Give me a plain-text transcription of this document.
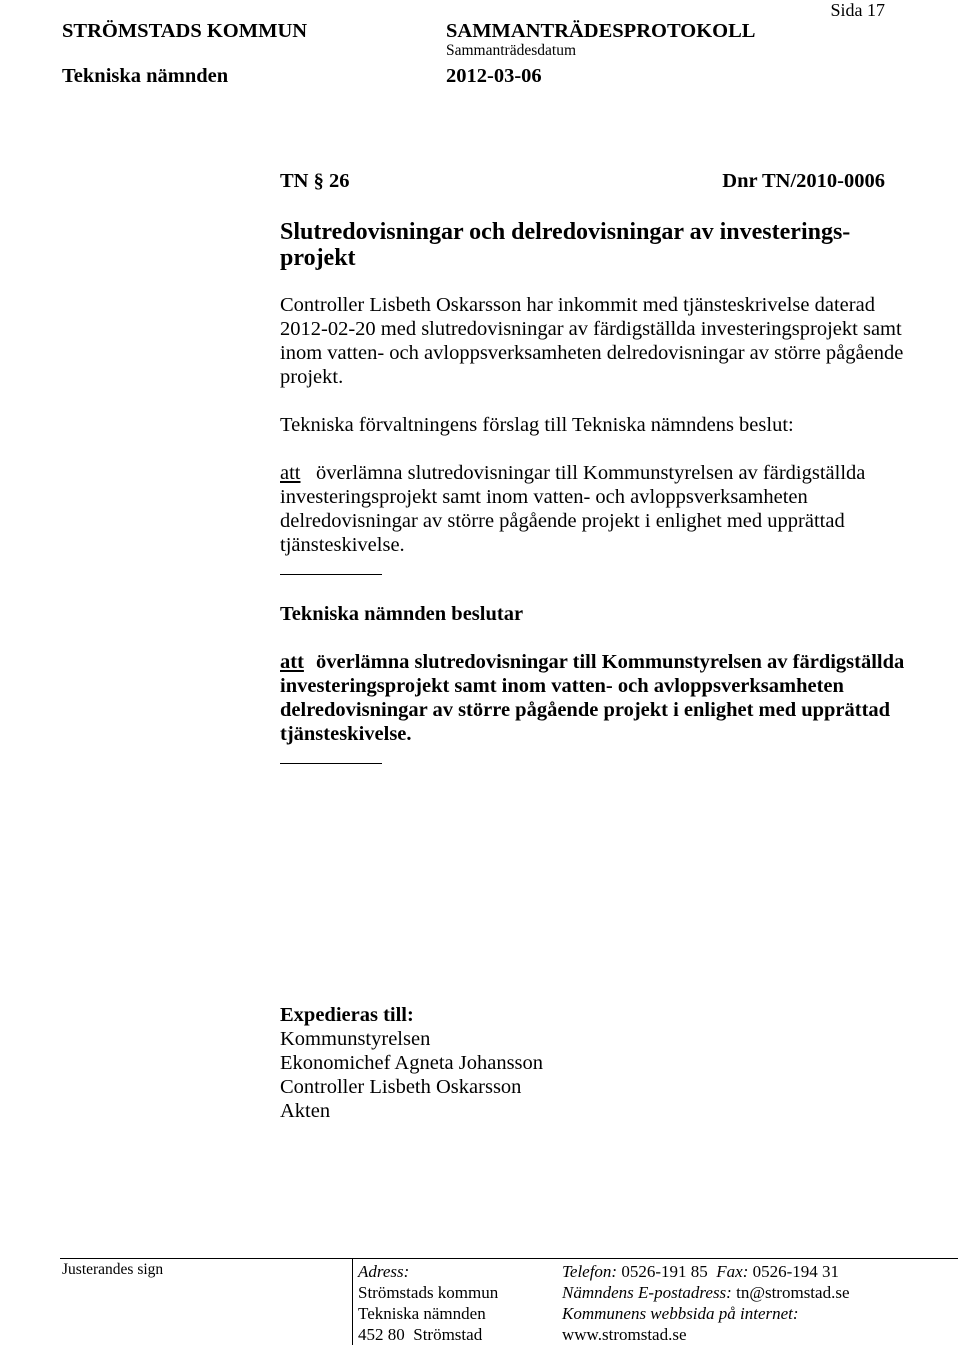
Sida 17
STRÖMSTADS KOMMUN	SAMMANTRÄDESPROTOKOLL
Sammanträdesdatum
Tekniska nämnden	2012-03-06
TN § 26	Dnr TN/2010-0006
Slutredovisningar och delredovisningar av investerings-
projekt
Controller Lisbeth Oskarsson har inkommit med tjänsteskrivelse daterad
2012-02-20 med slutredovisningar av färdigställda investeringsprojekt samt
inom vatten- och avloppsverksamheten delredovisningar av större pågående
projekt.
Tekniska förvaltningens förslag till Tekniska nämndens beslut:
att överlämna slutredovisningar till Kommunstyrelsen av färdigställda
investeringsprojekt samt inom vatten- och avloppsverksamheten
delredovisningar av större pågående projekt i enlighet med upprättad
tjänsteskivelse.
Tekniska nämnden beslutar
att överlämna slutredovisningar till Kommunstyrelsen av färdigställda
investeringsprojekt samt inom vatten- och avloppsverksamheten
delredovisningar av större pågående projekt i enlighet med upprättad
tjänsteskivelse.
Expedieras till:
Kommunstyrelsen
Ekonomichef Agneta Johansson
Controller Lisbeth Oskarsson
Akten
Justerandes sign	Adress:
Strömstads kommun
Tekniska nämnden
452 80  Strömstad
Telefon: 0526-191 85 Fax: 0526-194 31
Nämndens E-postadress: tn@stromstad.se
Kommunens webbsida på internet:
www.stromstad.se
